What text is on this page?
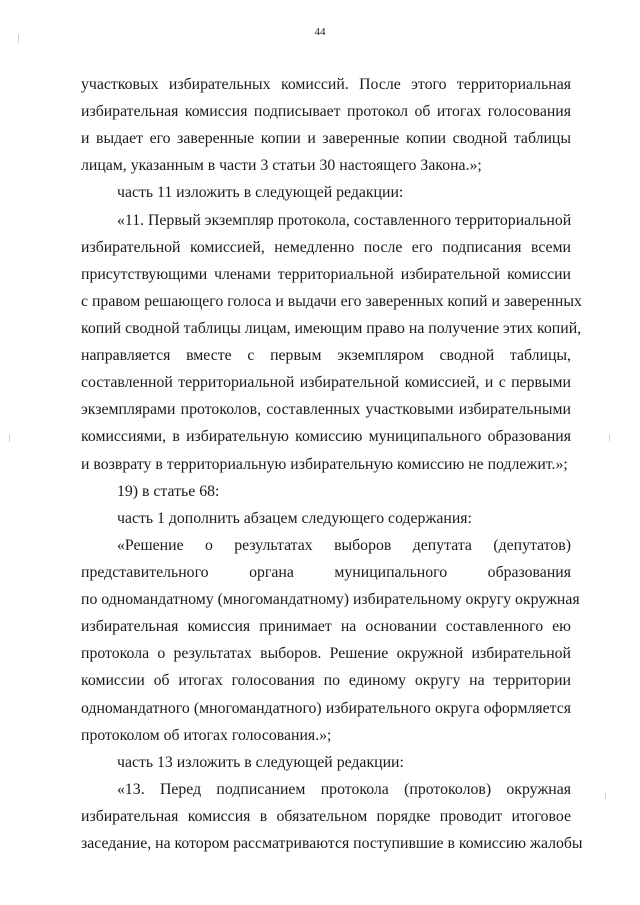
44
участковых избирательных комиссий. После этого территориальная
избирательная комиссия подписывает протокол об итогах голосования
и выдает его заверенные копии и заверенные копии сводной таблицы
лицам, указанным в части 3 статьи 30 настоящего Закона.»;
часть 11 изложить в следующей редакции:
«11. Первый экземпляр протокола, составленного территориальной
избирательной комиссией, немедленно после его подписания всеми
присутствующими членами территориальной избирательной комиссии
с правом решающего голоса и выдачи его заверенных копий и заверенных
копий сводной таблицы лицам, имеющим право на получение этих копий,
направляется вместе с первым экземпляром сводной таблицы,
составленной территориальной избирательной комиссией, и с первыми
экземплярами протоколов, составленных участковыми избирательными
комиссиями, в избирательную комиссию муниципального образования
и возврату в территориальную избирательную комиссию не подлежит.»;
19) в статье 68:
часть 1 дополнить абзацем следующего содержания:
«Решение о результатах выборов депутата (депутатов)
представительного органа муниципального образования
по одномандатному (многомандатному) избирательному округу окружная
избирательная комиссия принимает на основании составленного ею
протокола о результатах выборов. Решение окружной избирательной
комиссии об итогах голосования по единому округу на территории
одномандатного (многомандатного) избирательного округа оформляется
протоколом об итогах голосования.»;
часть 13 изложить в следующей редакции:
«13. Перед подписанием протокола (протоколов) окружная
избирательная комиссия в обязательном порядке проводит итоговое
заседание, на котором рассматриваются поступившие в комиссию жалобы
